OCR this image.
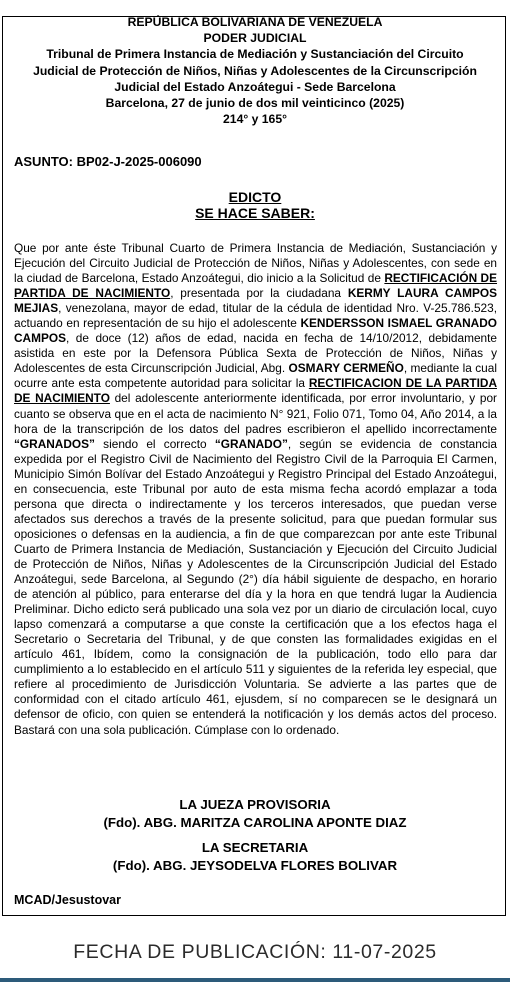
REPÚBLICA BOLIVARIANA DE VENEZUELA
PODER JUDICIAL
Tribunal de Primera Instancia de Mediación y Sustanciación del Circuito
Judicial de Protección de Niños, Niñas y Adolescentes de la Circunscripción
Judicial del Estado Anzoátegui - Sede Barcelona
Barcelona, 27 de junio de dos mil veinticinco (2025)
214° y 165°
ASUNTO: BP02-J-2025-006090
EDICTO
SE HACE SABER:
Que por ante éste Tribunal Cuarto de Primera Instancia de Mediación, Sustanciación y Ejecución del Circuito Judicial de Protección de Niños, Niñas y Adolescentes, con sede en la ciudad de Barcelona, Estado Anzoátegui, dio inicio a la Solicitud de RECTIFICACIÓN DE PARTIDA DE NACIMIENTO, presentada por la ciudadana KERMY LAURA CAMPOS MEJIAS, venezolana, mayor de edad, titular de la cédula de identidad Nro. V-25.786.523, actuando en representación de su hijo el adolescente KENDERSSON ISMAEL GRANADO CAMPOS, de doce (12) años de edad, nacida en fecha de 14/10/2012, debidamente asistida en este por la Defensora Pública Sexta de Protección de Niños, Niñas y Adolescentes de esta Circunscripción Judicial, Abg. OSMARY CERMEÑO, mediante la cual ocurre ante esta competente autoridad para solicitar la RECTIFICACION DE LA PARTIDA DE NACIMIENTO del adolescente anteriormente identificada, por error involuntario, y por cuanto se observa que en el acta de nacimiento N° 921, Folio 071, Tomo 04, Año 2014, a la hora de la transcripción de los datos del padres escribieron el apellido incorrectamente “GRANADOS” siendo el correcto “GRANADO”, según se evidencia de constancia expedida por el Registro Civil de Nacimiento del Registro Civil de la Parroquia El Carmen, Municipio Simón Bolívar del Estado Anzoátegui y Registro Principal del Estado Anzoátegui, en consecuencia, este Tribunal por auto de esta misma fecha acordó emplazar a toda persona que directa o indirectamente y los terceros interesados, que puedan verse afectados sus derechos a través de la presente solicitud, para que puedan formular sus oposiciones o defensas en la audiencia, a fin de que comparezcan por ante este Tribunal Cuarto de Primera Instancia de Mediación, Sustanciación y Ejecución del Circuito Judicial de Protección de Niños, Niñas y Adolescentes de la Circunscripción Judicial del Estado Anzoátegui, sede Barcelona, al Segundo (2°) día hábil siguiente de despacho, en horario de atención al público, para enterarse del día y la hora en que tendrá lugar la Audiencia Preliminar. Dicho edicto será publicado una sola vez por un diario de circulación local, cuyo lapso comenzará a computarse a que conste la certificación que a los efectos haga el Secretario o Secretaria del Tribunal, y de que consten las formalidades exigidas en el artículo 461, Ibídem, como la consignación de la publicación, todo ello para dar cumplimiento a lo establecido en el artículo 511 y siguientes de la referida ley especial, que refiere al procedimiento de Jurisdicción Voluntaria. Se advierte a las partes que de conformidad con el citado artículo 461, ejusdem, sí no comparecen se le designará un defensor de oficio, con quien se entenderá la notificación y los demás actos del proceso. Bastará con una sola publicación. Cúmplase con lo ordenado.
LA JUEZA PROVISORIA
(Fdo). ABG. MARITZA CAROLINA APONTE DIAZ
LA SECRETARIA
(Fdo). ABG. JEYSODELVA FLORES BOLIVAR
MCAD/Jesustovar
FECHA DE PUBLICACIÓN: 11-07-2025
